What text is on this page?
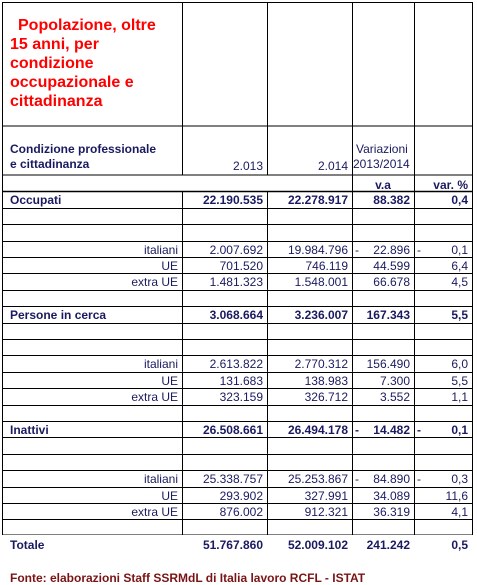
Popolazione, oltre
15 anni, per
condizione
occupazionale e
cittadinanza
Condizione professionale
e cittadinanza	2.013	2.014
Variazioni
2013/2014
v.a	var. %
Occupati	22.190.535	22.278.917	88.382	0,4
italiani	2.007.692	19.984.796 -	22.896 -	0,1
UE	701.520	746.119	44.599	6,4
extra UE	1.481.323	1.548.001	66.678	4,5
Persone in cerca	3.068.664	3.236.007	167.343	5,5
italiani	2.613.822	2.770.312	156.490	6,0
UE	131.683	138.983	7.300	5,5
extra UE	323.159	326.712	3.552	1,1
Inattivi	26.508.661	26.494.178 -	14.482 -	0,1
italiani	25.338.757	25.253.867 -	84.890 -	0,3
UE	293.902	327.991	34.089	11,6
extra UE	876.002	912.321	36.319	4,1
Totale	51.767.860	52.009.102	241.242	0,5
Fonte: elaborazioni Staff SSRMdL di Italia lavoro RCFL - ISTAT
